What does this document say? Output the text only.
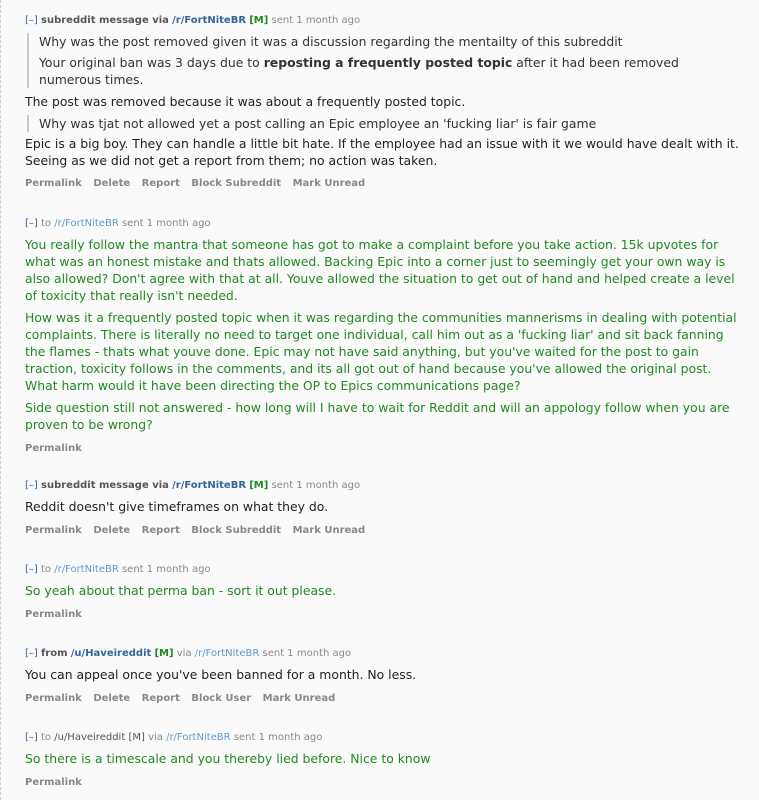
[–] subreddit message via /r/FortNiteBR [M] sent 1 month ago

Why was the post removed given it was a discussion regarding the mentailty of this subreddit

Your original ban was 3 days due to reposting a frequently posted topic after it had been removed numerous times.

The post was removed because it was about a frequently posted topic.

Why was tjat not allowed yet a post calling an Epic employee an 'fucking liar' is fair game

Epic is a big boy. They can handle a little bit hate. If the employee had an issue with it we would have dealt with it. Seeing as we did not get a report from them; no action was taken.

Permalink Delete Report Block Subreddit Mark Unread
[–] to /r/FortNiteBR sent 1 month ago

You really follow the mantra that someone has got to make a complaint before you take action. 15k upvotes for what was an honest mistake and thats allowed. Backing Epic into a corner just to seemingly get your own way is also allowed? Don't agree with that at all. Youve allowed the situation to get out of hand and helped create a level of toxicity that really isn't needed.

How was it a frequently posted topic when it was regarding the communities mannerisms in dealing with potential complaints. There is literally no need to target one individual, call him out as a 'fucking liar' and sit back fanning the flames - thats what youve done. Epic may not have said anything, but you've waited for the post to gain traction, toxicity follows in the comments, and its all got out of hand because you've allowed the original post. What harm would it have been directing the OP to Epics communications page?

Side question still not answered - how long will I have to wait for Reddit and will an appology follow when you are proven to be wrong?

Permalink
[–] subreddit message via /r/FortNiteBR [M] sent 1 month ago

Reddit doesn't give timeframes on what they do.

Permalink Delete Report Block Subreddit Mark Unread
[–] to /r/FortNiteBR sent 1 month ago

So yeah about that perma ban - sort it out please.

Permalink
[–] from /u/Haveireddit [M] via /r/FortNiteBR sent 1 month ago

You can appeal once you've been banned for a month. No less.

Permalink Delete Report Block User Mark Unread
[–] to /u/Haveireddit [M] via /r/FortNiteBR sent 1 month ago

So there is a timescale and you thereby lied before. Nice to know

Permalink
